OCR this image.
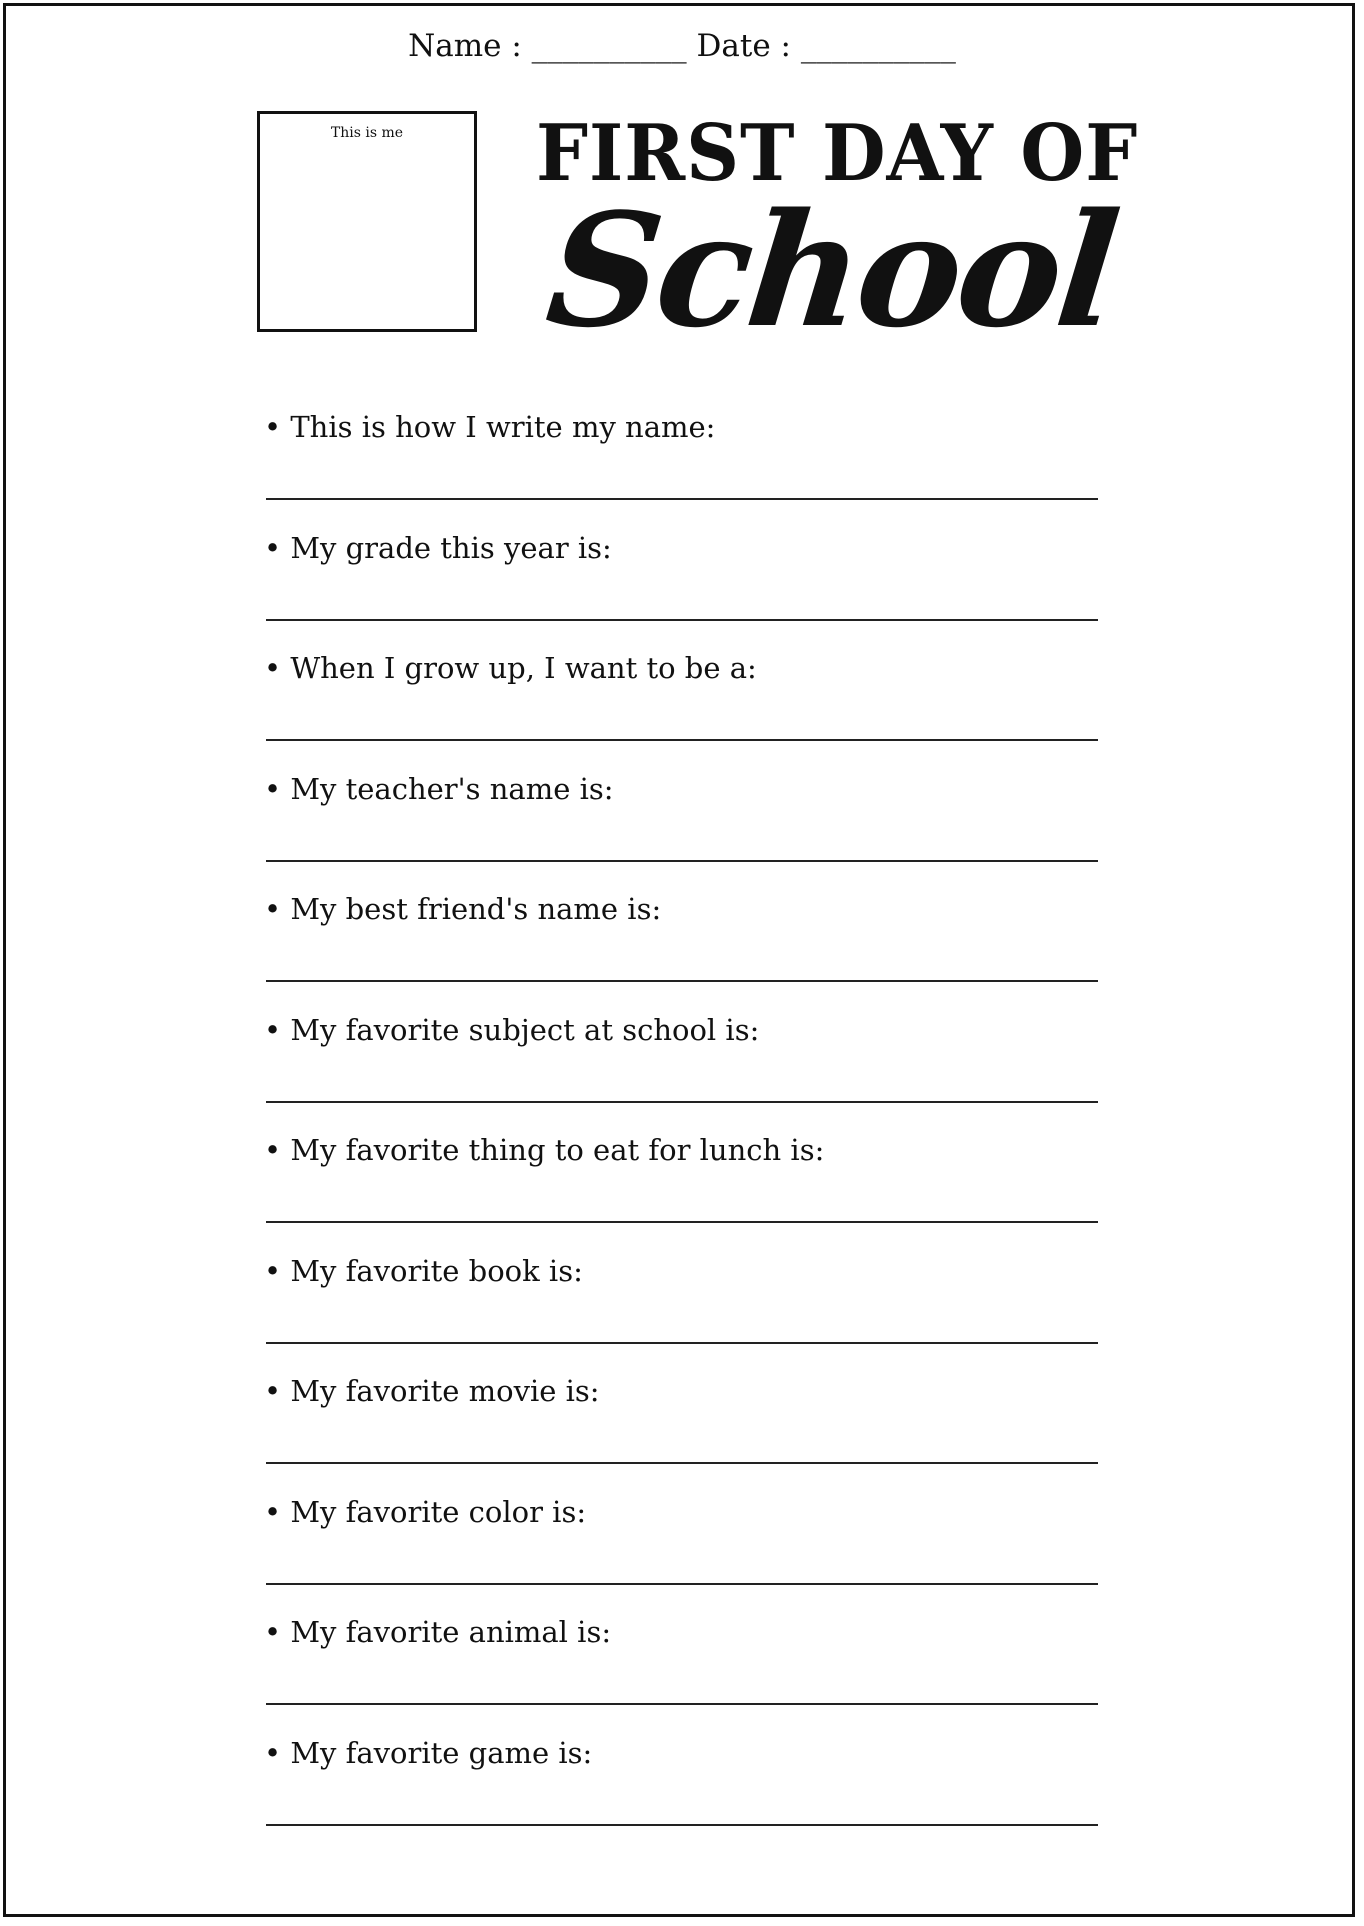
Name : __________ Date : __________
This is me	FIRST DAY OF
School
• This is how I write my name:
• My grade this year is:
• When I grow up, I want to be a:
• My teacher's name is:
• My best friend's name is:
• My favorite subject at school is:
• My favorite thing to eat for lunch is:
• My favorite book is:
• My favorite movie is:
• My favorite color is:
• My favorite animal is:
• My favorite game is:
